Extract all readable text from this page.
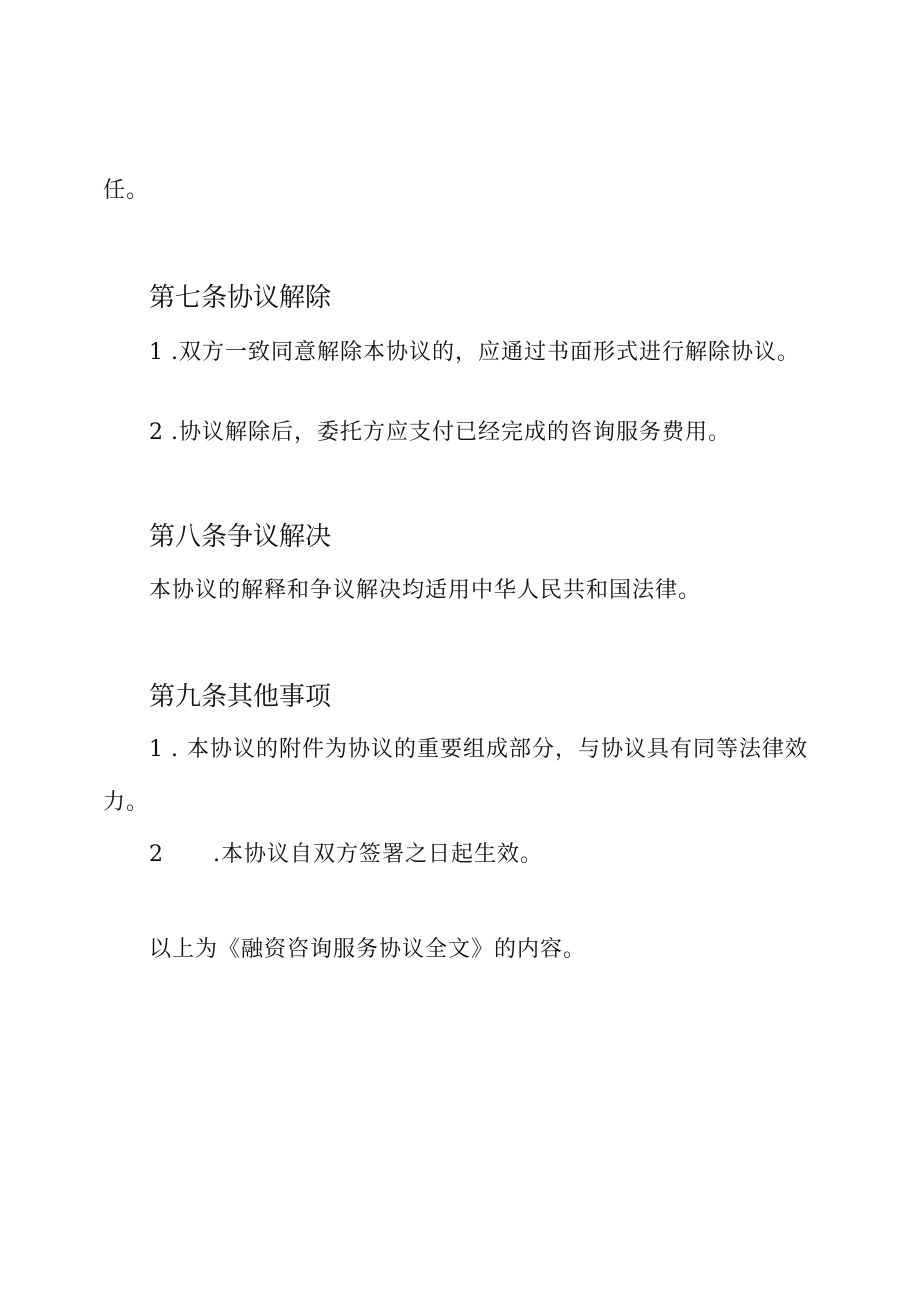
任。
第七条协议解除
1 .双方一致同意解除本协议的，应通过书面形式进行解除协议。
2 .协议解除后，委托方应支付已经完成的咨询服务费用。
第八条争议解决
本协议的解释和争议解决均适用中华人民共和国法律。
第九条其他事项
1 . 本协议的附件为协议的重要组成部分，与协议具有同等法律效
力。
2 .本协议自双方签署之日起生效。
以上为《融资咨询服务协议全文》的内容。
